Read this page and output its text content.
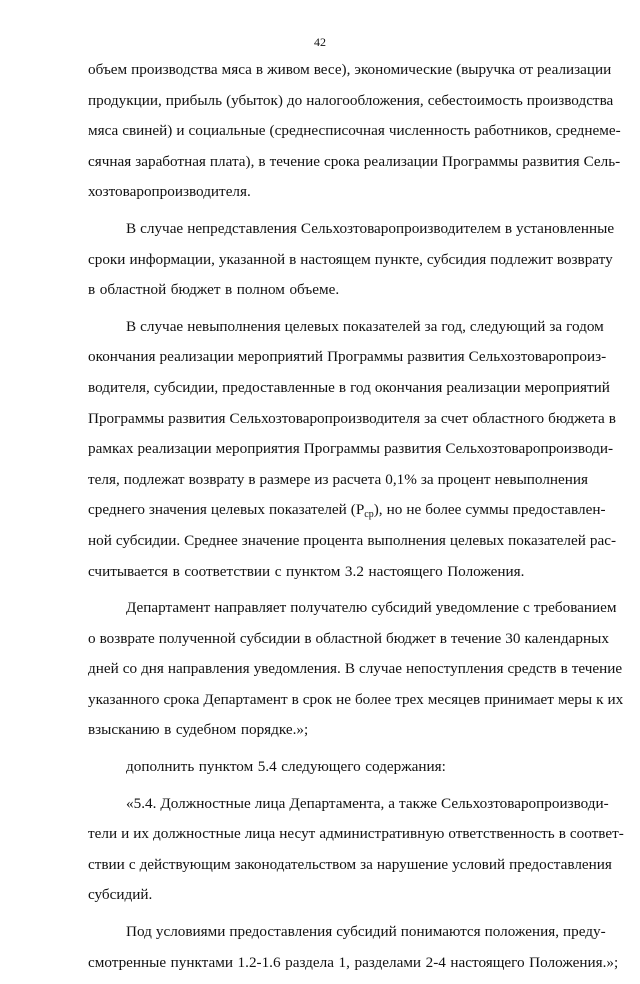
42
объем производства мяса в живом весе), экономические (выручка от реализации
продукции, прибыль (убыток) до налогообложения, себестоимость производства
мяса свиней) и социальные (среднесписочная численность работников, среднеме-
сячная заработная плата), в течение срока реализации Программы развития Сель-
хозтоваропроизводителя.
В случае непредставления Сельхозтоваропроизводителем в установленные
сроки информации, указанной в настоящем пункте, субсидия подлежит возврату
в областной бюджет в полном объеме.
В случае невыполнения целевых показателей за год, следующий за годом
окончания реализации мероприятий Программы развития Сельхозтоваропроиз-
водителя, субсидии, предоставленные в год окончания реализации мероприятий
Программы развития Сельхозтоваропроизводителя за счет областного бюджета в
рамках реализации мероприятия Программы развития Сельхозтоваропроизводи-
теля, подлежат возврату в размере из расчета 0,1% за процент невыполнения
среднего значения целевых показателей $(P_{ср})$, но не более суммы предоставлен-
ной субсидии. Среднее значение процента выполнения целевых показателей рас-
считывается в соответствии с пунктом 3.2 настоящего Положения.
Департамент направляет получателю субсидий уведомление с требованием
о возврате полученной субсидии в областной бюджет в течение 30 календарных
дней со дня направления уведомления. В случае непоступления средств в течение
указанного срока Департамент в срок не более трех месяцев принимает меры к их
взысканию в судебном порядке.»;
дополнить пунктом 5.4 следующего содержания:
«5.4. Должностные лица Департамента, а также Сельхозтоваропроизводи-
тели и их должностные лица несут административную ответственность в соответ-
ствии с действующим законодательством за нарушение условий предоставления
субсидий.
Под условиями предоставления субсидий понимаются положения, преду-
смотренные пунктами 1.2-1.6 раздела 1, разделами 2-4 настоящего Положения.»;
